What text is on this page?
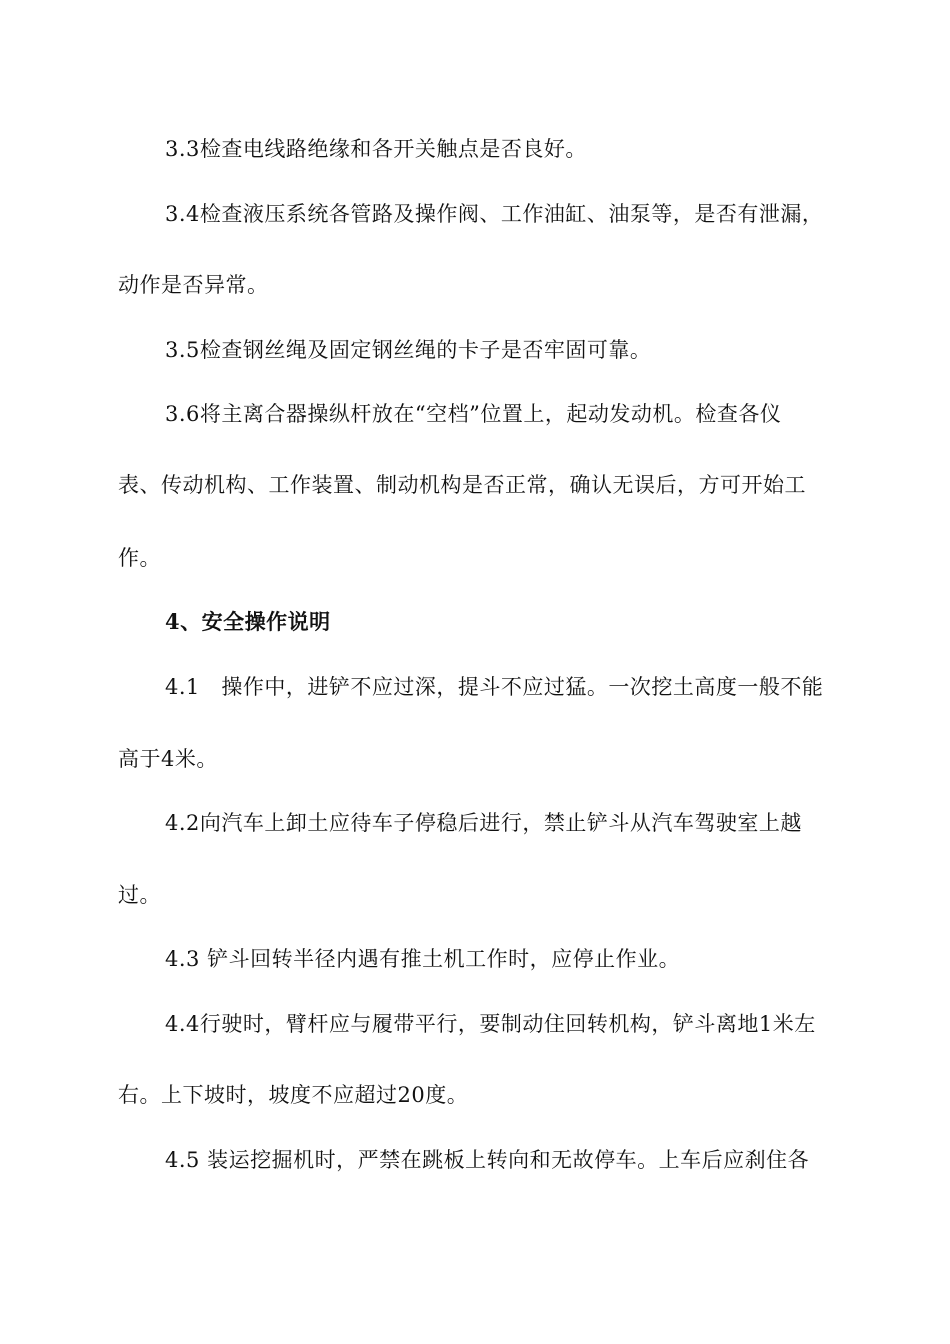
3.3检查电线路绝缘和各开关触点是否良好。
3.4检查液压系统各管路及操作阀、工作油缸、油泵等，是否有泄漏，
动作是否异常。
3.5检查钢丝绳及固定钢丝绳的卡子是否牢固可靠。
3.6将主离合器操纵杆放在“空档”位置上，起动发动机。检查各仪
表、传动机构、工作装置、制动机构是否正常，确认无误后，方可开始工
作。
4、安全操作说明
4.1　操作中，进铲不应过深，提斗不应过猛。一次挖土高度一般不能
高于4米。
4.2向汽车上卸土应待车子停稳后进行，禁止铲斗从汽车驾驶室上越
过。
4.3 铲斗回转半径内遇有推土机工作时，应停止作业。
4.4行驶时，臂杆应与履带平行，要制动住回转机构，铲斗离地1米左
右。上下坡时，坡度不应超过20度。
4.5 装运挖掘机时，严禁在跳板上转向和无故停车。上车后应刹住各
